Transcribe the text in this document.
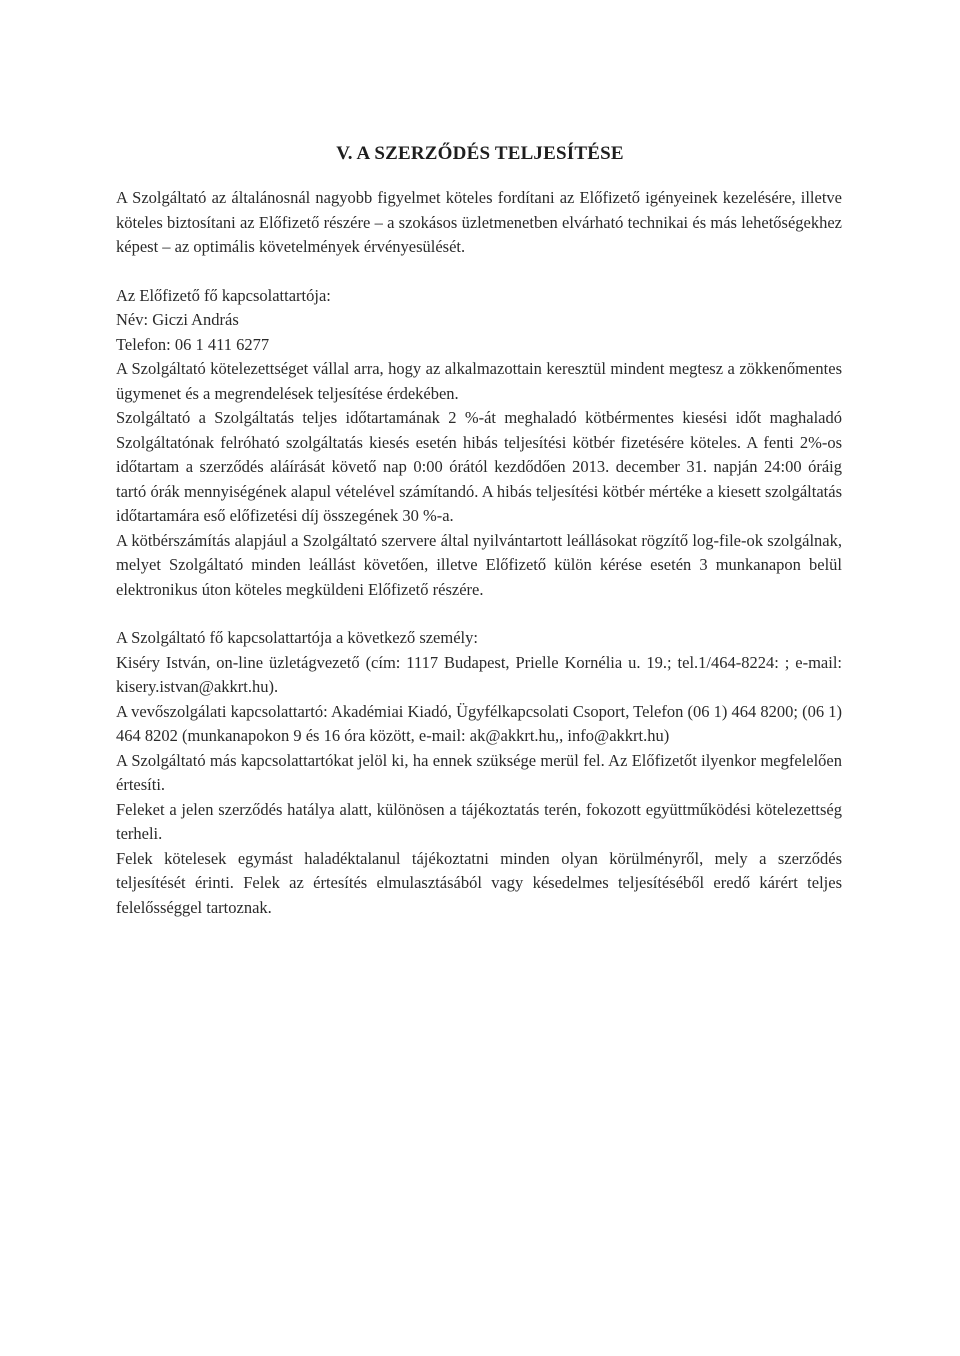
V. A SZERZŐDÉS TELJESÍTÉSE

A Szolgáltató az általánosnál nagyobb figyelmet köteles fordítani az Előfizető igényeinek kezelésére, illetve köteles biztosítani az Előfizető részére – a szokásos üzletmenetben elvárható technikai és más lehetőségekhez képest – az optimális követelmények érvényesülését.

Az Előfizető fő kapcsolattartója:
Név: Giczi András
Telefon: 06 1 411 6277

A Szolgáltató kötelezettséget vállal arra, hogy az alkalmazottain keresztül mindent megtesz a zökkenőmentes ügymenet és a megrendelések teljesítése érdekében.

Szolgáltató a Szolgáltatás teljes időtartamának 2 %-át meghaladó kötbérmentes kiesési időt maghaladó Szolgáltatónak felróható szolgáltatás kiesés esetén hibás teljesítési kötbér fizetésére köteles. A fenti 2%-os időtartam a szerződés aláírását követő nap 0:00 órától kezdődően 2013. december 31. napján 24:00 óráig tartó órák mennyiségének alapul vételével számítandó. A hibás teljesítési kötbér mértéke a kiesett szolgáltatás időtartamára eső előfizetési díj összegének 30 %-a.

A kötbérszámítás alapjául a Szolgáltató szervere által nyilvántartott leállásokat rögzítő log-file-ok szolgálnak, melyet Szolgáltató minden leállást követően, illetve Előfizető külön kérése esetén 3 munkanapon belül elektronikus úton köteles megküldeni Előfizető részére.

A Szolgáltató fő kapcsolattartója a következő személy:

Kiséry István, on-line üzletágvezető (cím: 1117 Budapest, Prielle Kornélia u. 19.; tel.1/464-8224: ; e-mail: kisery.istvan@akkrt.hu).

A vevőszolgálati kapcsolattartó: Akadémiai Kiadó, Ügyfélkapcsolati Csoport, Telefon (06 1) 464 8200; (06 1) 464 8202 (munkanapokon 9 és 16 óra között, e-mail: ak@akkrt.hu,, info@akkrt.hu)

A Szolgáltató más kapcsolattartókat jelöl ki, ha ennek szüksége merül fel. Az Előfizetőt ilyenkor megfelelően értesíti.

Feleket a jelen szerződés hatálya alatt, különösen a tájékoztatás terén, fokozott együttműködési kötelezettség terheli.

Felek kötelesek egymást haladéktalanul tájékoztatni minden olyan körülményről, mely a szerződés teljesítését érinti. Felek az értesítés elmulasztásából vagy késedelmes teljesítéséből eredő kárért teljes felelősséggel tartoznak.
